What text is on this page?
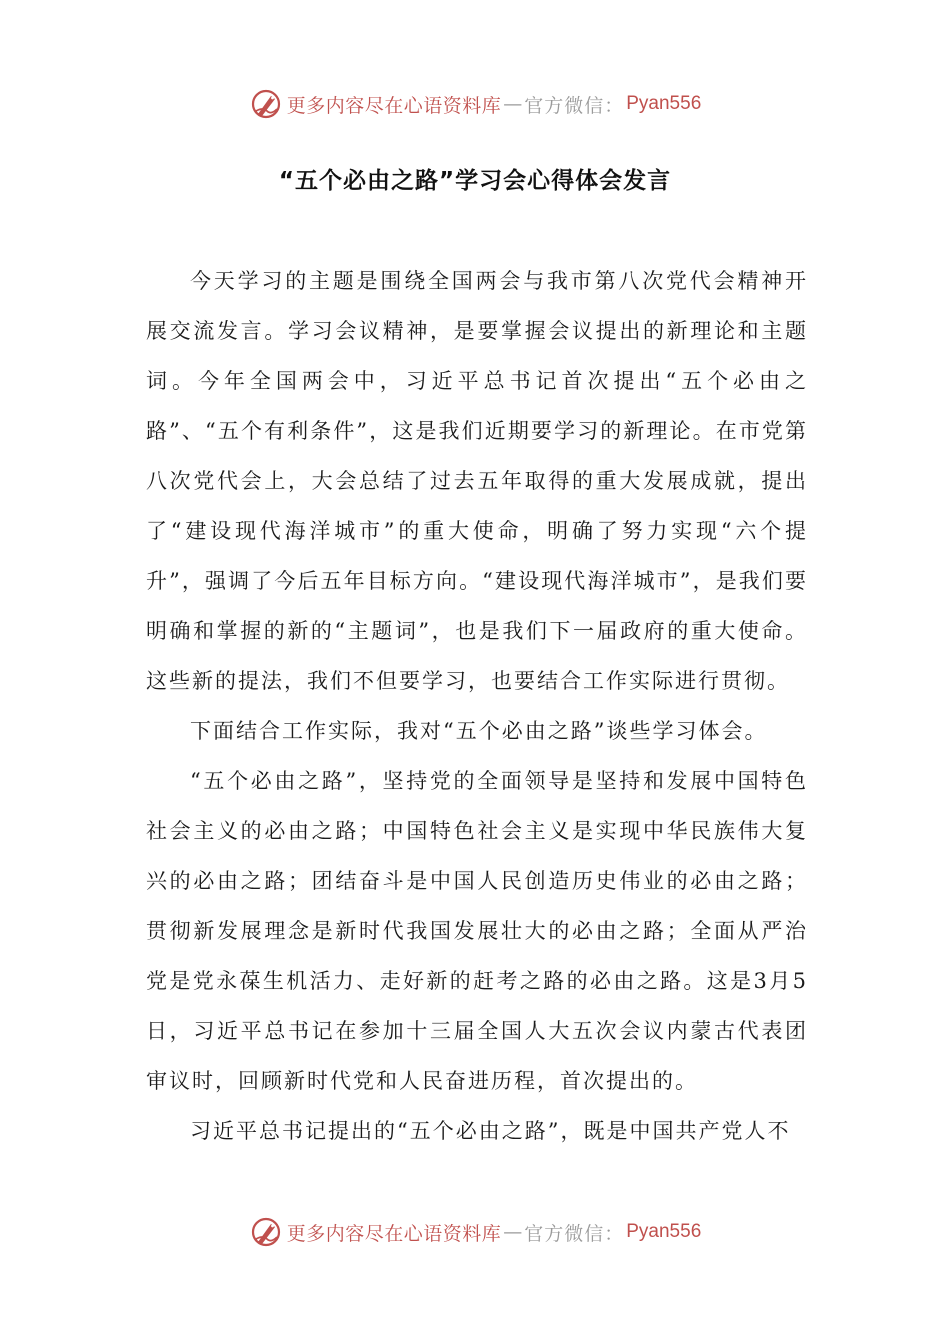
更多内容尽在心语资料库 — 官方微信： Pyan556
“五个必由之路”学习会心得体会发言

今天学习的主题是围绕全国两会与我市第八次党代会精神开展交流发言。学习会议精神，是要掌握会议提出的新理论和主题词。今年全国两会中，习近平总书记首次提出“五个必由之路”、“五个有利条件”，这是我们近期要学习的新理论。在市党第八次党代会上，大会总结了过去五年取得的重大发展成就，提出了“建设现代海洋城市”的重大使命，明确了努力实现“六个提升”，强调了今后五年目标方向。“建设现代海洋城市”，是我们要明确和掌握的新的“主题词”，也是我们下一届政府的重大使命。这些新的提法，我们不但要学习，也要结合工作实际进行贯彻。

下面结合工作实际，我对“五个必由之路”谈些学习体会。

“五个必由之路”，坚持党的全面领导是坚持和发展中国特色社会主义的必由之路；中国特色社会主义是实现中华民族伟大复兴的必由之路；团结奋斗是中国人民创造历史伟业的必由之路；贯彻新发展理念是新时代我国发展壮大的必由之路；全面从严治党是党永葆生机活力、走好新的赶考之路的必由之路。这是3月5日，习近平总书记在参加十三届全国人大五次会议内蒙古代表团审议时，回顾新时代党和人民奋进历程，首次提出的。

习近平总书记提出的“五个必由之路”，既是中国共产党人不

更多内容尽在心语资料库 — 官方微信： Pyan556
